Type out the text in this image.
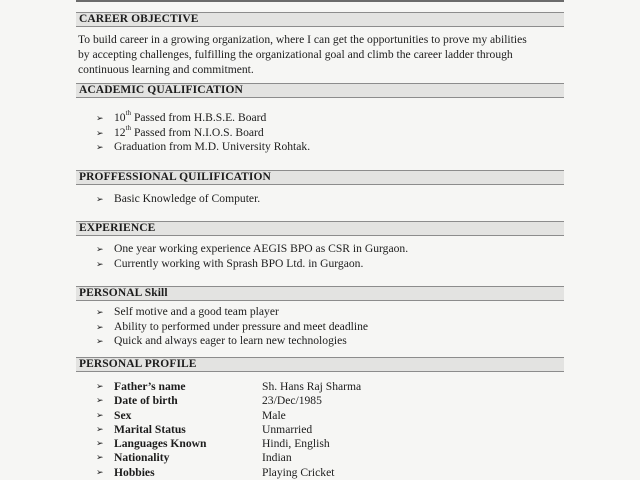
CAREER OBJECTIVE
To build career in a growing organization, where I can get the opportunities to prove my abilities
by accepting challenges, fulfilling the organizational goal and climb the career ladder through
continuous learning and commitment.
ACADEMIC QUALIFICATION
➢ 10th Passed from H.B.S.E. Board
➢ 12th Passed from N.I.O.S. Board
➢ Graduation from M.D. University Rohtak.
PROFFESSIONAL QUILIFICATION
➢ Basic Knowledge of Computer.
EXPERIENCE
➢ One year working experience AEGIS BPO as CSR in Gurgaon.
➢ Currently working with Sprash BPO Ltd. in Gurgaon.
PERSONAL Skill
➢ Self motive and a good team player
➢ Ability to performed under pressure and meet deadline
➢ Quick and always eager to learn new technologies
PERSONAL PROFILE
➢ Father’s name	Sh. Hans Raj Sharma
➢ Date of birth	23/Dec/1985
➢ Sex	Male
➢ Marital Status	Unmarried
➢ Languages Known	Hindi, English
➢ Nationality	Indian
➢ Hobbies	Playing Cricket
